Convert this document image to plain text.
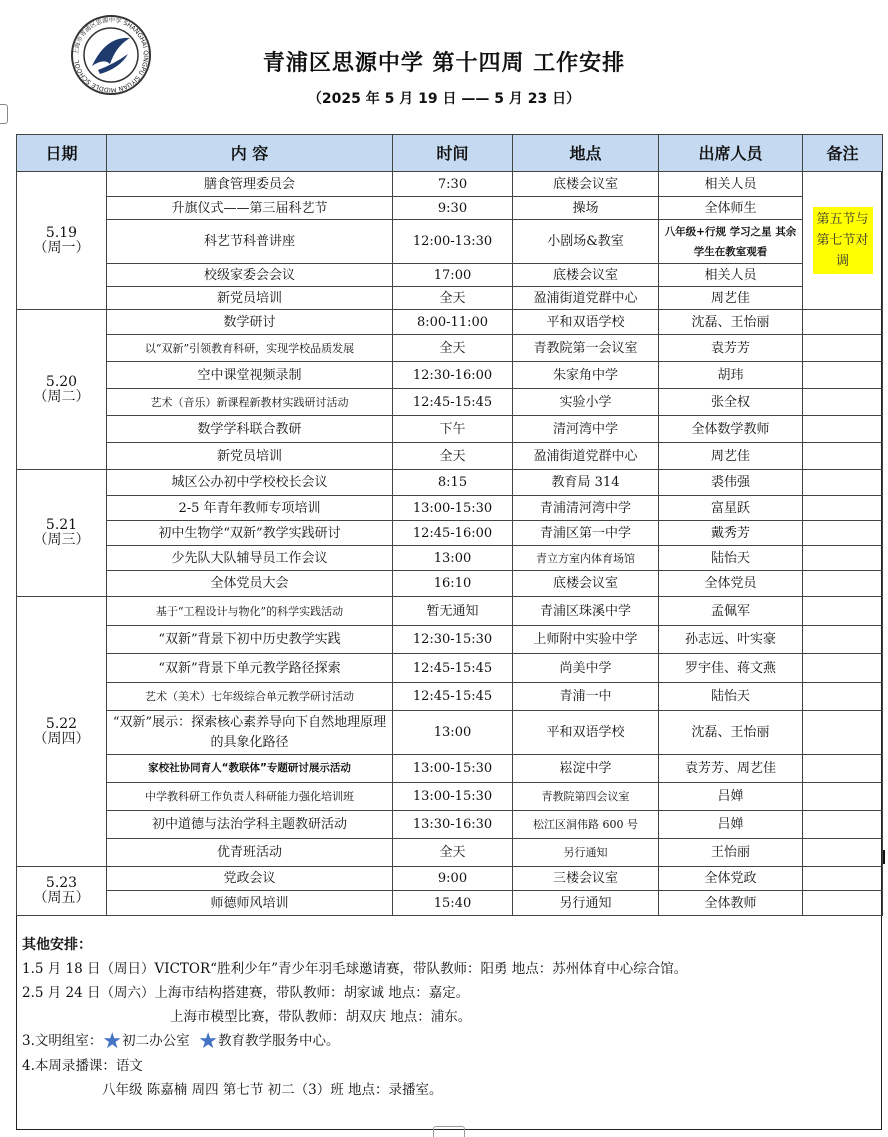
上海市青浦区思源中学 SHANGHAI QINGPU SIYUAN MIDDLE SCHOOL	青浦区思源中学 第十四周 工作安排
（2025 年 5 月 19 日 —— 5 月 23 日）
日期	内 容	时间	地点	出席人员	备注

5.19
（周一）	膳食管理委员会	7:30	底楼会议室	相关人员	第五节与第七节对调
	升旗仪式——第三届科艺节	9:30	操场	全体师生	
	科艺节科普讲座	12:00-13:30	小剧场&教室	八年级+行规 学习之星 其余学生在教室观看	
	校级家委会会议	17:00	底楼会议室	相关人员	
	新党员培训	全天	盈浦街道党群中心	周艺佳	

5.20
（周二）	数学研讨	8:00-11:00	平和双语学校	沈磊、王怡丽	
	以“双新”引领教育科研，实现学校品质发展	全天	青教院第一会议室	袁芳芳	
	空中课堂视频录制	12:30-16:00	朱家角中学	胡玮	
	艺术（音乐）新课程新教材实践研讨活动	12:45-15:45	实验小学	张全权	
	数学学科联合教研	下午	清河湾中学	全体数学教师	
	新党员培训	全天	盈浦街道党群中心	周艺佳	

5.21
（周三）	城区公办初中学校校长会议	8:15	教育局 314	裘伟强	
	2-5 年青年教师专项培训	13:00-15:30	青浦清河湾中学	富星跃	
	初中生物学“双新”教学实践研讨	12:45-16:00	青浦区第一中学	戴秀芳	
	少先队大队辅导员工作会议	13:00	青立方室内体育场馆	陆怡天	
	全体党员大会	16:10	底楼会议室	全体党员	

5.22
（周四）	基于“工程设计与物化”的科学实践活动	暂无通知	青浦区珠溪中学	孟佩军	
	“双新”背景下初中历史教学实践	12:30-15:30	上师附中实验中学	孙志远、叶实豪	
	“双新”背景下单元教学路径探索	12:45-15:45	尚美中学	罗宇佳、蒋文燕	
	艺术（美术）七年级综合单元教学研讨活动	12:45-15:45	青浦一中	陆怡天	
	“双新”展示：探索核心素养导向下自然地理原理的具象化路径	13:00	平和双语学校	沈磊、王怡丽	
	家校社协同育人“教联体”专题研讨展示活动	13:00-15:30	崧淀中学	袁芳芳、周艺佳	
	中学教科研工作负责人科研能力强化培训班	13:00-15:30	青教院第四会议室	吕婵	
	初中道德与法治学科主题教研活动	13:30-16:30	松江区洞伟路 600 号	吕婵	
	优青班活动	全天	另行通知	王怡丽	

5.23
（周五）	党政会议	9:00	三楼会议室	全体党政	
	师德师风培训	15:40	另行通知	全体教师	
其他安排：
1.5 月 18 日（周日）VICTOR“胜利少年”青少年羽毛球邀请赛，带队教师：阳勇 地点：苏州体育中心综合馆。
2.5 月 24 日（周六）上海市结构搭建赛，带队教师：胡家诚 地点：嘉定。
上海市模型比赛，带队教师：胡双庆 地点：浦东。
3.文明组室：★初二办公室 ★教育教学服务中心。
4.本周录播课：语文
八年级 陈嘉楠 周四 第七节 初二（3）班 地点：录播室。
